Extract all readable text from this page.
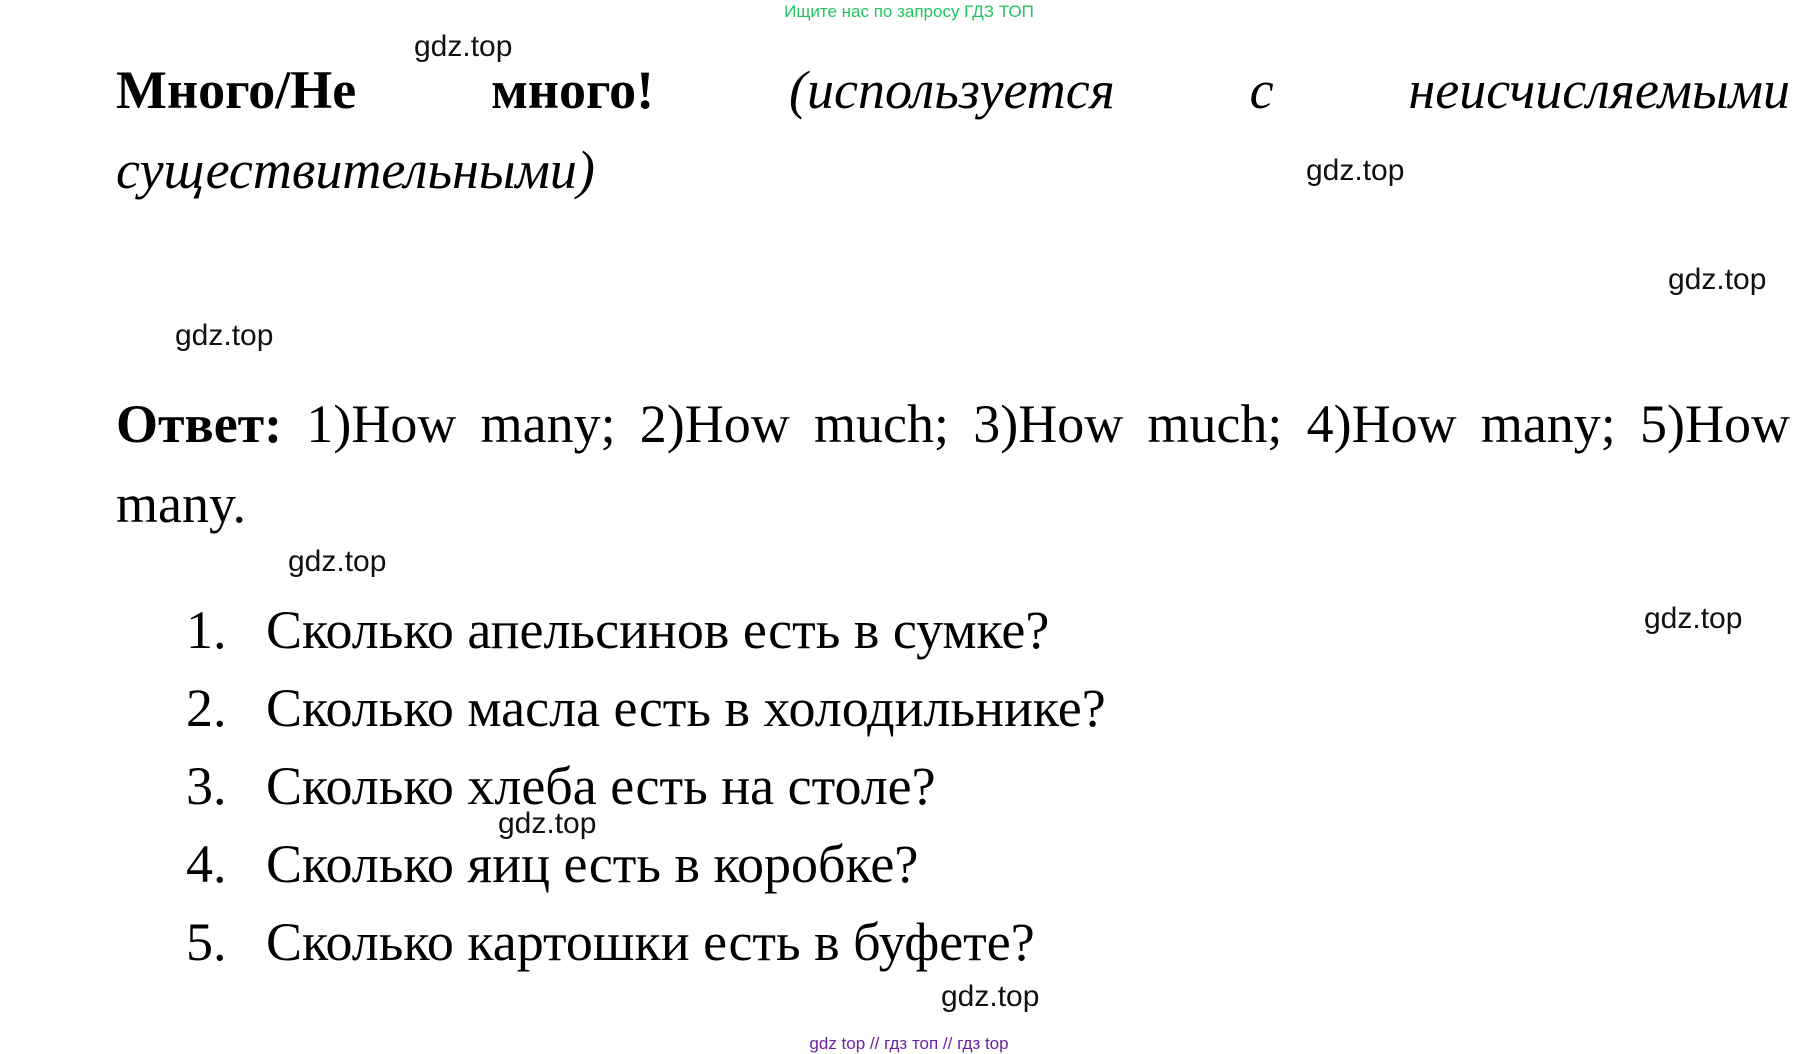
Ищите нас по запросу ГДЗ ТОП
Много/Не много! (используется с неисчисляемыми существительными)
Ответ: 1)How many; 2)How much; 3)How much; 4)How many; 5)How many.
1. Сколько апельсинов есть в сумке?
2. Сколько масла есть в холодильнике?
3. Сколько хлеба есть на столе?
4. Сколько яиц есть в коробке?
5. Сколько картошки есть в буфете?
gdz.top
gdz.top
gdz.top
gdz.top
gdz.top
gdz.top
gdz.top
gdz.top
gdz top // гдз топ // гдз top
